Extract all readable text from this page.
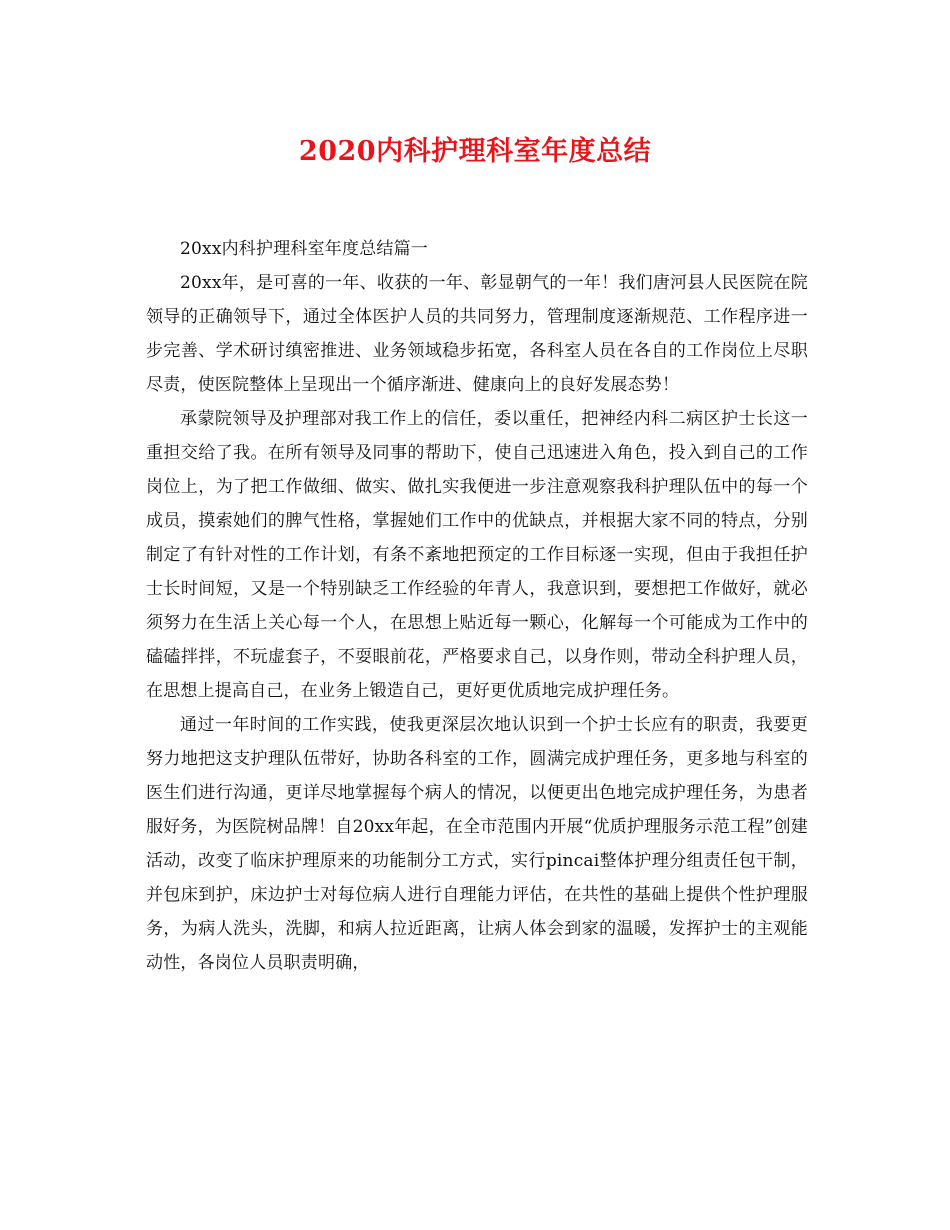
2020内科护理科室年度总结

20xx内科护理科室年度总结篇一

20xx年，是可喜的一年、收获的一年、彰显朝气的一年！我们唐河县人民医院在院领导的正确领导下，通过全体医护人员的共同努力，管理制度逐渐规范、工作程序进一步完善、学术研讨缜密推进、业务领域稳步拓宽，各科室人员在各自的工作岗位上尽职尽责，使医院整体上呈现出一个循序渐进、健康向上的良好发展态势！

承蒙院领导及护理部对我工作上的信任，委以重任，把神经内科二病区护士长这一重担交给了我。在所有领导及同事的帮助下，使自己迅速进入角色，投入到自己的工作岗位上，为了把工作做细、做实、做扎实我便进一步注意观察我科护理队伍中的每一个成员，摸索她们的脾气性格，掌握她们工作中的优缺点，并根据大家不同的特点，分别制定了有针对性的工作计划，有条不紊地把预定的工作目标逐一实现，但由于我担任护士长时间短，又是一个特别缺乏工作经验的年青人，我意识到，要想把工作做好，就必须努力在生活上关心每一个人，在思想上贴近每一颗心，化解每一个可能成为工作中的磕磕拌拌，不玩虚套子，不耍眼前花，严格要求自己，以身作则，带动全科护理人员，在思想上提高自己，在业务上锻造自己，更好更优质地完成护理任务。

通过一年时间的工作实践，使我更深层次地认识到一个护士长应有的职责，我要更努力地把这支护理队伍带好，协助各科室的工作，圆满完成护理任务，更多地与科室的医生们进行沟通，更详尽地掌握每个病人的情况，以便更出色地完成护理任务，为患者服好务，为医院树品牌！自20xx年起，在全市范围内开展“优质护理服务示范工程”创建活动，改变了临床护理原来的功能制分工方式，实行pincai整体护理分组责任包干制，并包床到护，床边护士对每位病人进行自理能力评估，在共性的基础上提供个性护理服务，为病人洗头，洗脚，和病人拉近距离，让病人体会到家的温暖，发挥护士的主观能动性，各岗位人员职责明确，
